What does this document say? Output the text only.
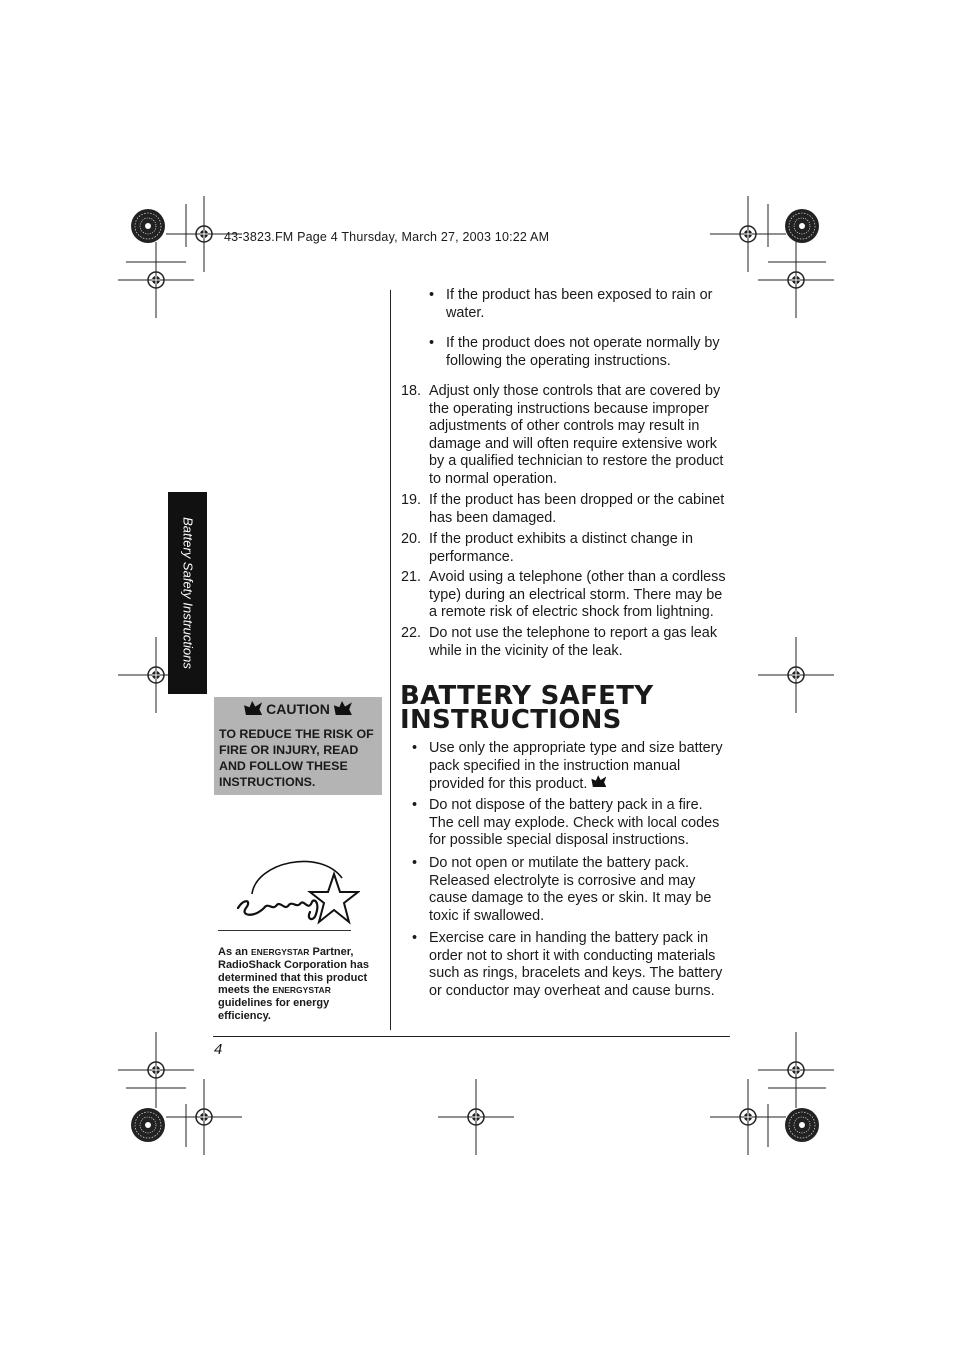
43-3823.FM Page 4 Thursday, March 27, 2003 10:22 AM
Battery Safety Instructions
CAUTION
TO REDUCE THE RISK OF FIRE OR INJURY, READ AND FOLLOW THESE INSTRUCTIONS.
As an ENERGYSTAR Partner, RadioShack Corporation has determined that this product meets the ENERGYSTAR guidelines for energy efficiency.
• If the product has been exposed to rain or water.
• If the product does not operate normally by following the operating instructions.
18. Adjust only those controls that are covered by the operating instructions because improper adjustments of other controls may result in damage and will often require extensive work by a qualified technician to restore the product to normal operation.
19. If the product has been dropped or the cabinet has been damaged.
20. If the product exhibits a distinct change in performance.
21. Avoid using a telephone (other than a cordless type) during an electrical storm. There may be a remote risk of electric shock from lightning.
22. Do not use the telephone to report a gas leak while in the vicinity of the leak.
BATTERY SAFETY
INSTRUCTIONS
• Use only the appropriate type and size battery pack specified in the instruction manual provided for this product.
• Do not dispose of the battery pack in a fire. The cell may explode. Check with local codes for possible special disposal instructions.
• Do not open or mutilate the battery pack. Released electrolyte is corrosive and may cause damage to the eyes or skin. It may be toxic if swallowed.
• Exercise care in handing the battery pack in order not to short it with conducting materials such as rings, bracelets and keys. The battery or conductor may overheat and cause burns.
4
